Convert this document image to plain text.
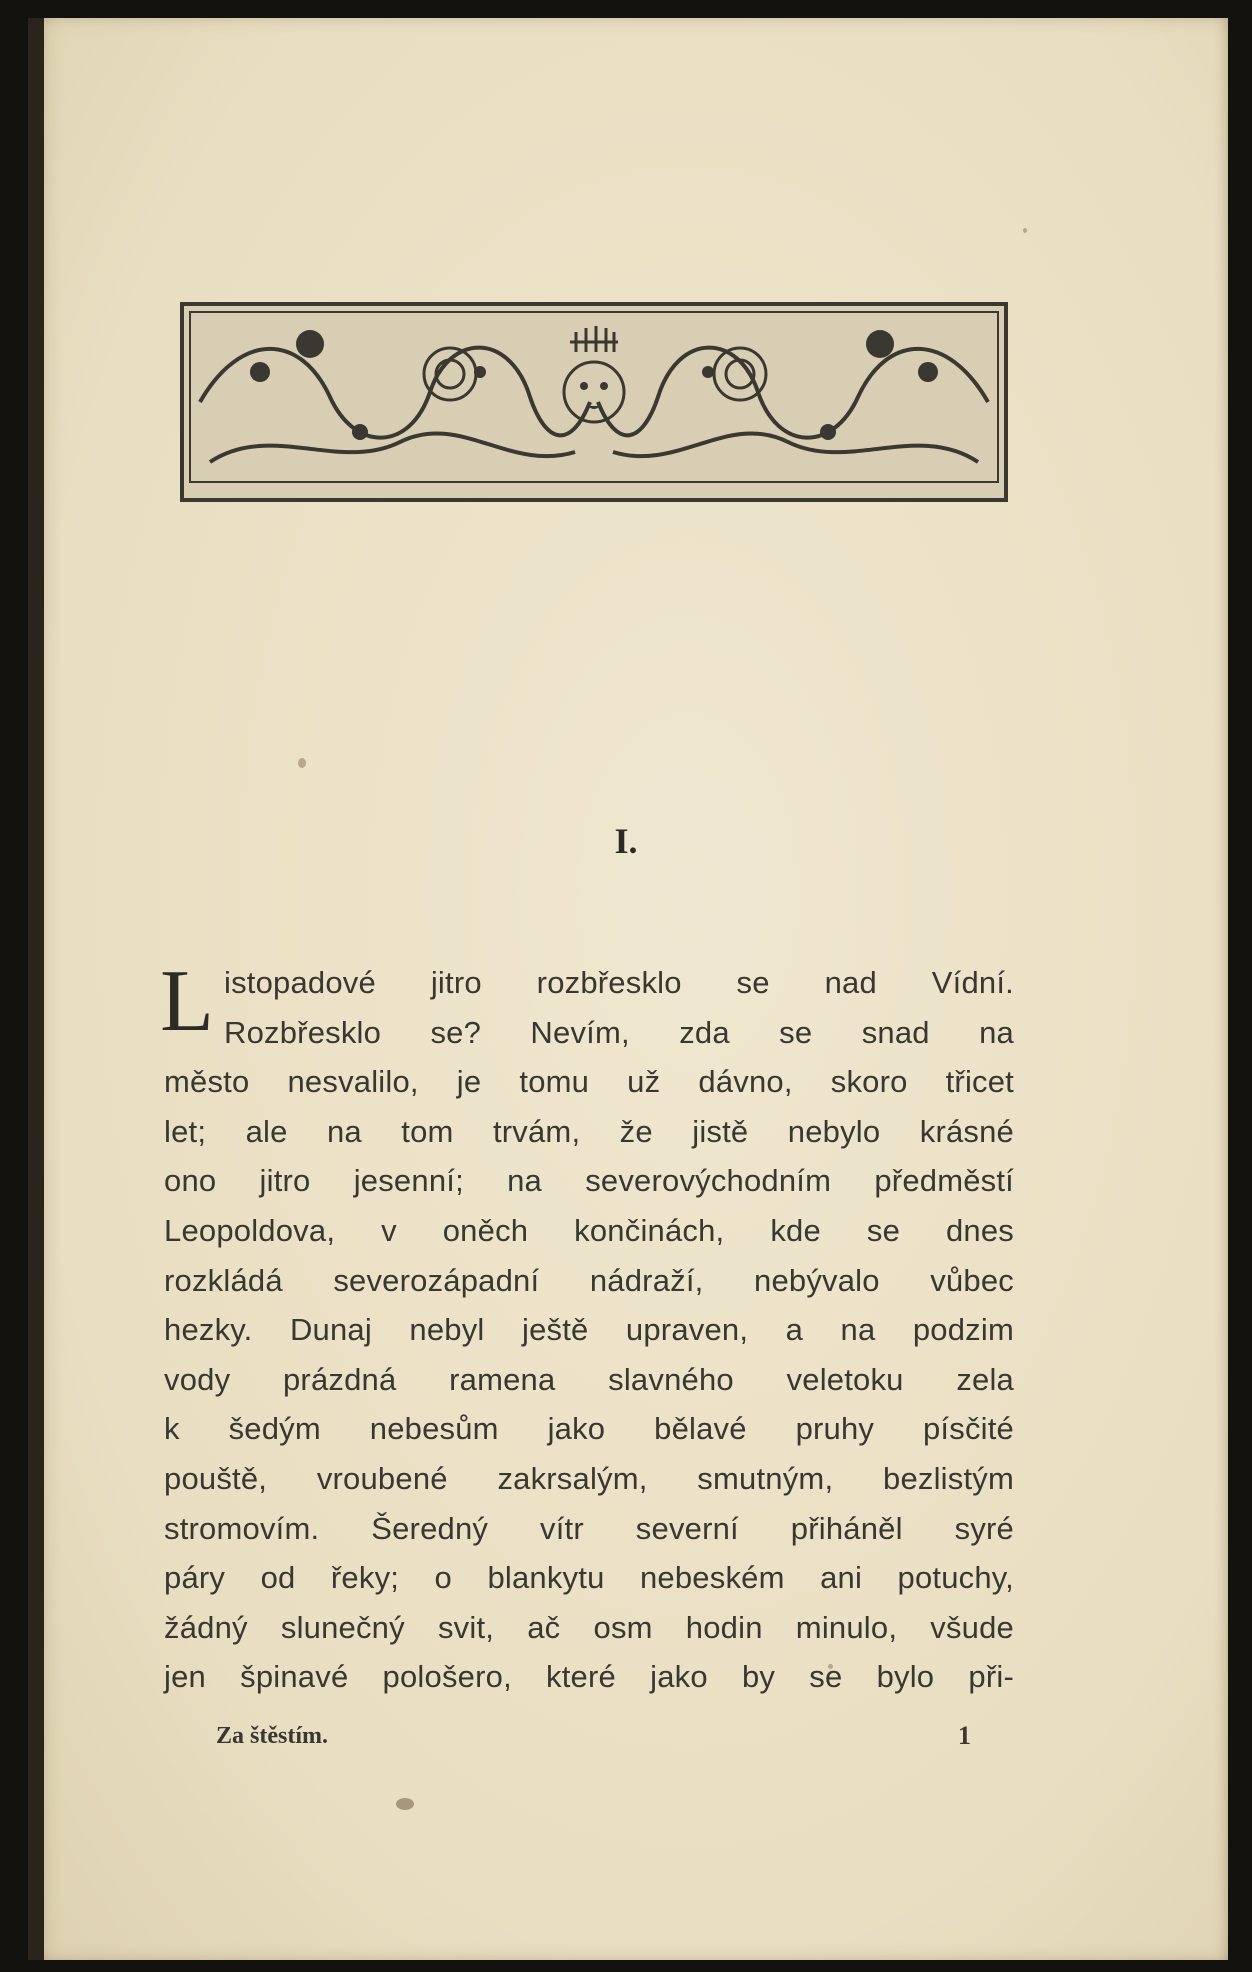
I.
L istopadové jitro rozbřesklo se nad Vídní.
Rozbřesklo se? Nevím, zda se snad na
město nesvalilo, je tomu už dávno, skoro třicet
let; ale na tom trvám, že jistě nebylo krásné
ono jitro jesenní; na severovýchodním předměstí
Leopoldova, v oněch končinách, kde se dnes
rozkládá severozápadní nádraží, nebývalo vůbec
hezky. Dunaj nebyl ještě upraven, a na podzim
vody prázdná ramena slavného veletoku zela
k šedým nebesům jako bělavé pruhy písčité
pouště, vroubené zakrsalým, smutným, bezlistým
stromovím. Šeredný vítr severní přiháněl syré
páry od řeky; o blankytu nebeském ani potuchy,
žádný slunečný svit, ač osm hodin minulo, všude
jen špinavé pološero, které jako by se bylo při-
Za štěstím.	1
